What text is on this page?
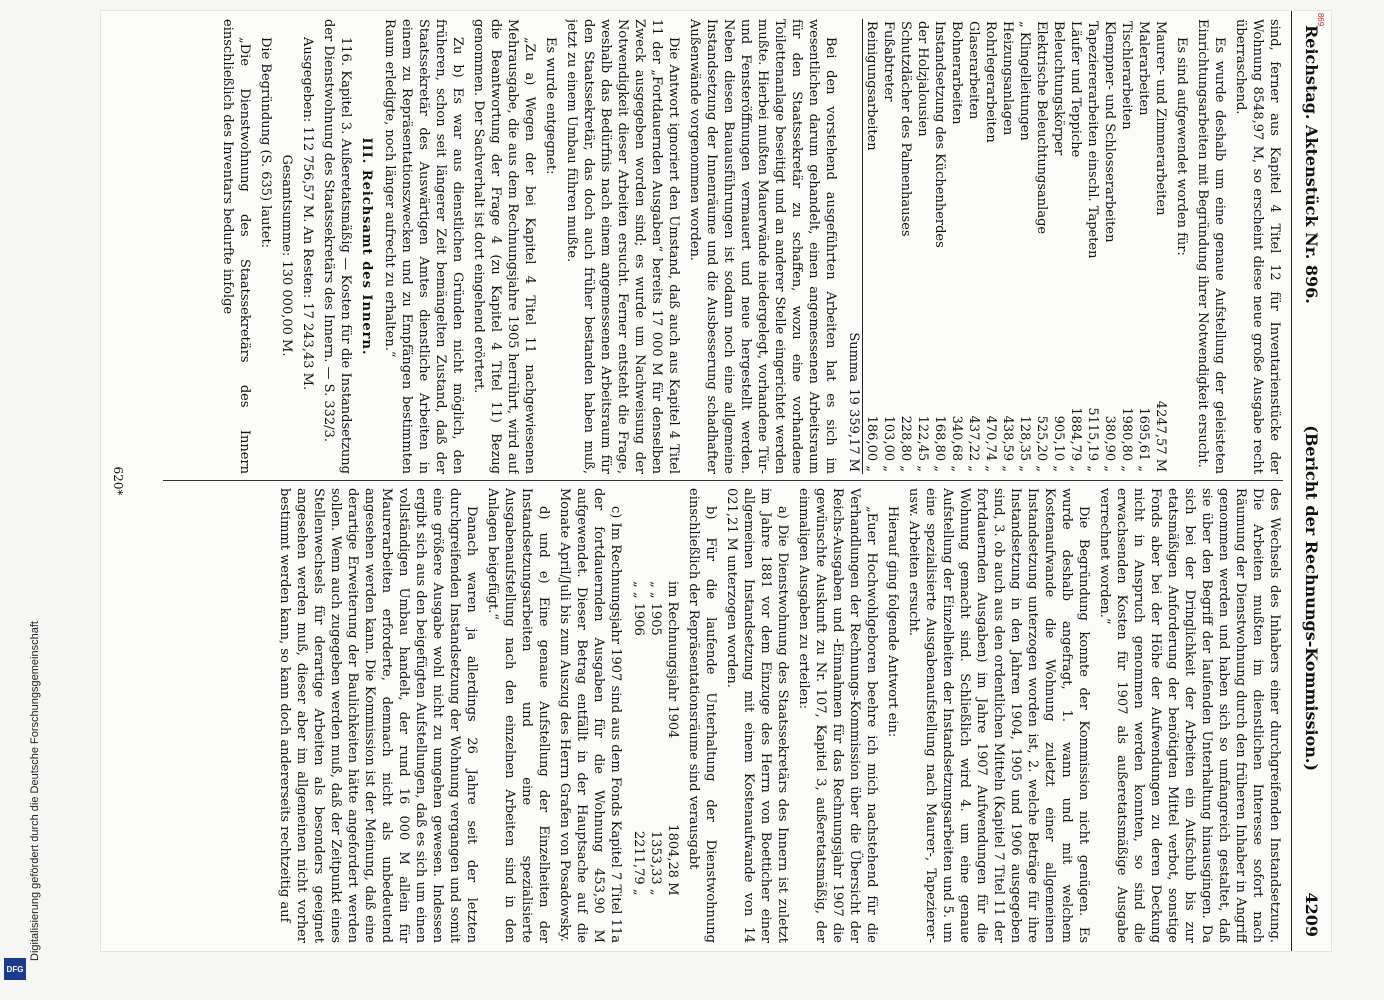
Digitalisierung gefördert durch die Deutsche Forschungsgemeinschaft
DFG
869
Reichstag. Aktenstück Nr. 896.
(Bericht der Rechnungs-Kommission.)
4209

sind, ferner aus Kapitel 4 Titel 12 für Inventarienstücke der Wohnung 8548,97 M, so erscheint diese neue große Ausgabe recht überraschend.

Es wurde deshalb um eine genaue Aufstellung der geleisteten Einrichtungsarbeiten mit Begründung ihrer Notwendigkeit ersucht.

Es sind aufgewendet worden für:

Maurer- und Zimmerarbeiten	4247,57 M
Malerarbeiten	1695,61 „
Tischlerarbeiten	1980,80 „
Klempner- und Schlosserarbeiten	380,90 „
Tapeziererarbeiten einschl. Tapeten	5115,19 „
Läufer und Teppiche	1884,79 „
Beleuchtungskörper	905,10 „
Elektrische Beleuchtungsanlage	525,20 „
„ Klingelleitungen	128,35 „
Heizungsanlagen	438,59 „
Rohrlegerarbeiten	470,74 „
Glaserarbeiten	437,22 „
Bohnerarbeiten	340,68 „
Instandsetzung des Küchenherdes	168,80 „
der Holzjalousien	122,45 „
Schutzdächer des Palmenhauses	228,80 „
Fußabtreter	103,00 „
Reinigungsarbeiten	186,00 „
Summa	19 359,17 M

Bei den vorstehend ausgeführten Arbeiten hat es sich im wesentlichen darum gehandelt, einen angemessenen Arbeitsraum für den Staatssekretär zu schaffen, wozu eine vorhandene Toilettenanlage beseitigt und an anderer Stelle eingerichtet werden mußte. Hierbei mußten Mauerwände niedergelegt, vorhandene Tür- und Fensteröffnungen vermauert und neue hergestellt werden. Neben diesen Bauausführungen ist sodann noch eine allgemeine Instandsetzung der Innenräume und die Ausbesserung schadhafter Außenwände vorgenommen worden.

Die Antwort ignoriert den Umstand, daß auch aus Kapitel 4 Titel 11 der „Fortdauernden Ausgaben“ bereits 17 000 M für denselben Zweck ausgegeben worden sind; es wurde um Nachweisung der Notwendigkeit dieser Arbeiten ersucht. Ferner entsteht die Frage, weshalb das Bedürfnis nach einem angemessenen Arbeitsraum für den Staatssekretär, das doch auch früher bestanden haben muß, jetzt zu einem Umbau führen mußte.

Es wurde entgegnet:

„Zu a) Wegen der bei Kapitel 4 Titel 11 nachgewiesenen Mehrausgabe, die aus dem Rechnungsjahre 1905 herrührt, wird auf die Beantwortung der Frage 4 (zu Kapitel 4 Titel 11) Bezug genommen. Der Sachverhalt ist dort eingehend erörtert.

Zu b) Es war aus dienstlichen Gründen nicht möglich, den früheren, schon seit längerer Zeit bemängelten Zustand, daß der Staatssekretär des Auswärtigen Amtes dienstliche Arbeiten in einem zu Repräsentationszwecken und zu Empfängen bestimmten Raum erledigte, noch länger aufrecht zu erhalten.“

III. Reichsamt des Innern.

116. Kapitel 3. Außeretatsmäßig — Kosten für die Instandsetzung der Dienstwohnung des Staatssekretärs des Innern. — S. 332/3.

Ausgegeben: 112 756,57 M. An Resten: 17 243,43 M.

Gesamtsumme: 130 000,00 M.

Die Begründung (S. 635) lautet:

„Die Dienstwohnung des Staatssekretärs des Innern einschließlich des Inventars bedurfte infolge

des Wechsels des Inhabers einer durchgreifenden Instandsetzung. Die Arbeiten mußten im dienstlichen Interesse sofort nach Räumung der Dienstwohnung durch den früheren Inhaber in Angriff genommen werden und haben sich so umfangreich gestaltet, daß sie über den Begriff der laufenden Unterhaltung hinausgingen. Da sich bei der Dringlichkeit der Arbeiten ein Aufschub bis zur etatsmäßigen Anforderung der benötigten Mittel verbot, sonstige Fonds aber bei der Höhe der Aufwendungen zu deren Deckung nicht in Anspruch genommen werden konnten, so sind die erwachsenden Kosten für 1907 als außeretatsmäßige Ausgabe verrechnet worden.“

Die Begründung konnte der Kommission nicht genügen. Es wurde deshalb angefragt, 1. wann und mit welchem Kostenaufwande die Wohnung zuletzt einer allgemeinen Instandsetzung unterzogen worden ist, 2. welche Beträge für ihre Instandsetzung in den Jahren 1904, 1905 und 1906 ausgegeben sind, 3. ob auch aus den ordentlichen Mitteln (Kapitel 7 Titel 11 der fortdauernden Ausgaben) im Jahre 1907 Aufwendungen für die Wohnung gemacht sind. Schließlich wird 4. um eine genaue Aufstellung der Einzelheiten der Instandsetzungsarbeiten und 5. um eine spezialisierte Ausgabenaufstellung nach Maurer-, Tapezierer- usw. Arbeiten ersucht.

Hierauf ging folgende Antwort ein:

„Euer Hochwohlgeboren beehre ich mich nachstehend für die Verhandlungen der Rechnungs-Kommission über die Übersicht der Reichs-Ausgaben und -Einnahmen für das Rechnungsjahr 1907 die gewünschte Auskunft zu Nr. 107, Kapitel 3, außeretatsmäßig, der einmaligen Ausgaben zu erteilen:

a) Die Dienstwohnung des Staatssekretärs des Innern ist zuletzt im Jahre 1881 vor dem Einzuge des Herrn von Boetticher einer allgemeinen Instandsetzung mit einem Kostenaufwande von 14 021,21 M unterzogen worden.

b) Für die laufende Unterhaltung der Dienstwohnung einschließlich der Repräsentationsräume sind verausgabt

im Rechnungsjahr 1904	1804,28 M
„ „ 1905	1353,33 „
„ „ 1906	2211,79 „

c) Im Rechnungsjahr 1907 sind aus dem Fonds Kapitel 7 Titel 11a der fortdauernden Ausgaben für die Wohnung 453,90 M aufgewendet. Dieser Betrag entfällt in der Hauptsache auf die Monate April/Juli bis zum Auszug des Herrn Grafen von Posadowsky.

d) und e) Eine genaue Aufstellung der Einzelheiten der Instandsetzungsarbeiten und eine spezialisierte Ausgabenaufstellung nach den einzelnen Arbeiten sind in den Anlagen beigefügt.“

Danach waren ja allerdings 26 Jahre seit der letzten durchgreifenden Instandsetzung der Wohnung vergangen und somit eine größere Ausgabe wohl nicht zu umgehen gewesen. Indessen ergibt sich aus den beigefügten Aufstellungen, daß es sich um einen vollständigen Umbau handelt, der rund 16 000 M allein für Maurerarbeiten erforderte, demnach nicht als unbedeutend angesehen werden kann. Die Kommission ist der Meinung, daß eine derartige Erweiterung der Baulichkeiten hätte angefordert werden sollen. Wenn auch zugegeben werden muß, daß der Zeitpunkt eines Stellenwechsels für derartige Arbeiten als besonders geeignet angesehen werden muß, dieser aber im allgemeinen nicht vorher bestimmt werden kann, so kann doch andererseits rechtzeitig auf

620*
